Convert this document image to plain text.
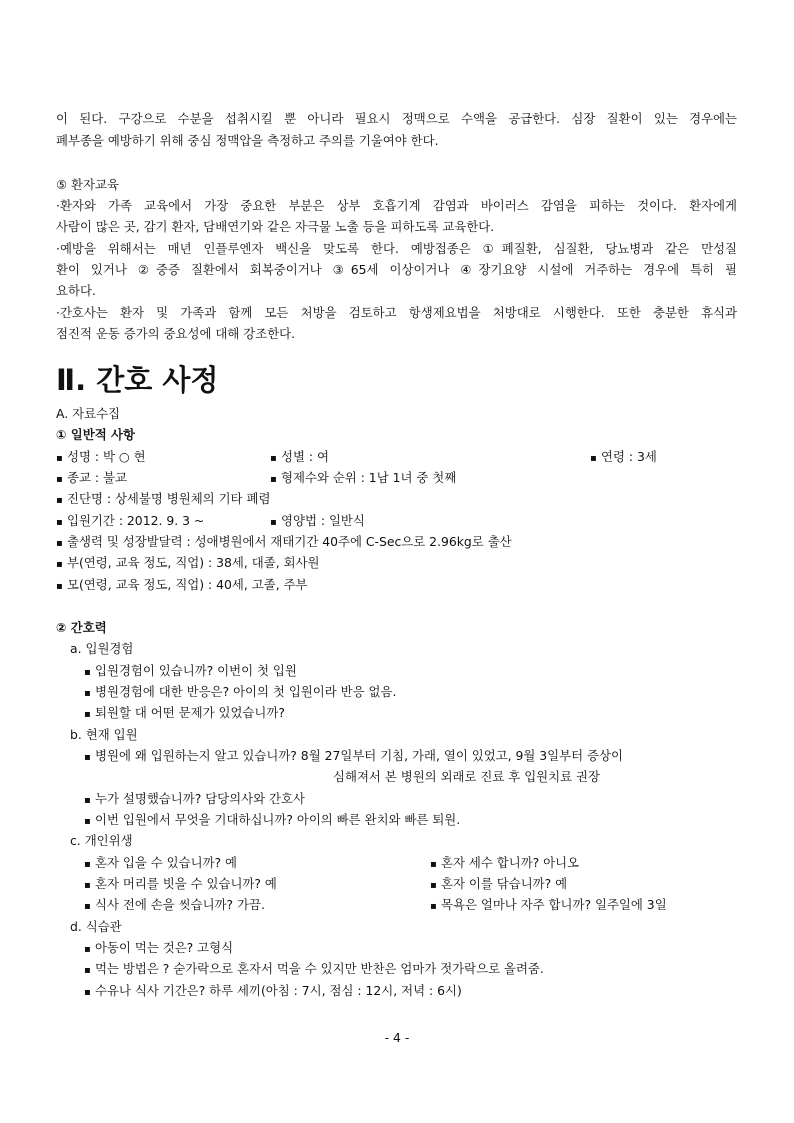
이 된다. 구강으로 수분을 섭취시킬 뿐 아니라 필요시 정맥으로 수액을 공급한다. 심장 질환이 있는 경우에는
폐부종을 예방하기 위해 중심 정맥압을 측정하고 주의를 기울여야 한다.
⑤ 환자교육
·환자와 가족 교육에서 가장 중요한 부분은 상부 호흡기계 감염과 바이러스 감염을 피하는 것이다. 환자에게
사람이 많은 곳, 감기 환자, 담배연기와 같은 자극물 노출 등을 피하도록 교육한다.
·예방을 위해서는 매년 인플루엔자 백신을 맞도록 한다. 예방접종은 ①폐질환, 심질환, 당뇨병과 같은 만성질
환이 있거나 ②중증 질환에서 회복중이거나 ③65세 이상이거나 ④장기요양 시설에 거주하는 경우에 특히 필
요하다.
·간호사는 환자 및 가족과 함께 모든 처방을 검토하고 항생제요법을 처방대로 시행한다. 또한 충분한 휴식과
점진적 운동 증가의 중요성에 대해 강조한다.
Ⅱ. 간호 사정
A. 자료수집
① 일반적 사항
▪ 성명 : 박 ○ 현	▪ 성별 : 여	▪ 연령 : 3세
▪ 종교 : 불교	▪ 형제수와 순위 : 1남 1녀 중 첫째
▪ 진단명 : 상세불명 병원체의 기타 폐렴
▪ 입원기간 : 2012. 9. 3 ~	▪ 영양법 : 일반식
▪ 출생력 및 성장발달력 : 성애병원에서 재태기간 40주에 C-Sec으로 2.96kg로 출산
▪ 부(연령, 교육 정도, 직업) : 38세, 대졸, 회사원
▪ 모(연령, 교육 정도, 직업) : 40세, 고졸, 주부
② 간호력
a. 입원경험
▪ 입원경험이 있습니까? 이번이 첫 입원
▪ 병원경험에 대한 반응은? 아이의 첫 입원이라 반응 없음.
▪ 퇴원할 대 어떤 문제가 있었습니까?
b. 현재 입원
▪ 병원에 왜 입원하는지 알고 있습니까? 8월 27일부터 기침, 가래, 열이 있었고, 9월 3일부터 증상이
심해져서 본 병원의 외래로 진료 후 입원치료 권장
▪ 누가 설명했습니까? 담당의사와 간호사
▪ 이번 입원에서 무엇을 기대하십니까? 아이의 빠른 완치와 빠른 퇴원.
c. 개인위생
▪ 혼자 입을 수 있습니까? 예	▪ 혼자 세수 합니까? 아니오
▪ 혼자 머리를 빗을 수 있습니까? 예	▪ 혼자 이를 닦습니까? 예
▪ 식사 전에 손을 씻습니까? 가끔.	▪ 목욕은 얼마나 자주 합니까? 일주일에 3일
d. 식습관
▪ 아동이 먹는 것은? 고형식
▪ 먹는 방법은 ? 숟가락으로 혼자서 먹을 수 있지만 반찬은 엄마가 젓가락으로 올려줌.
▪ 수유나 식사 기간은? 하루 세끼(아침 : 7시, 점심 : 12시, 저녁 : 6시)
- 4 -
